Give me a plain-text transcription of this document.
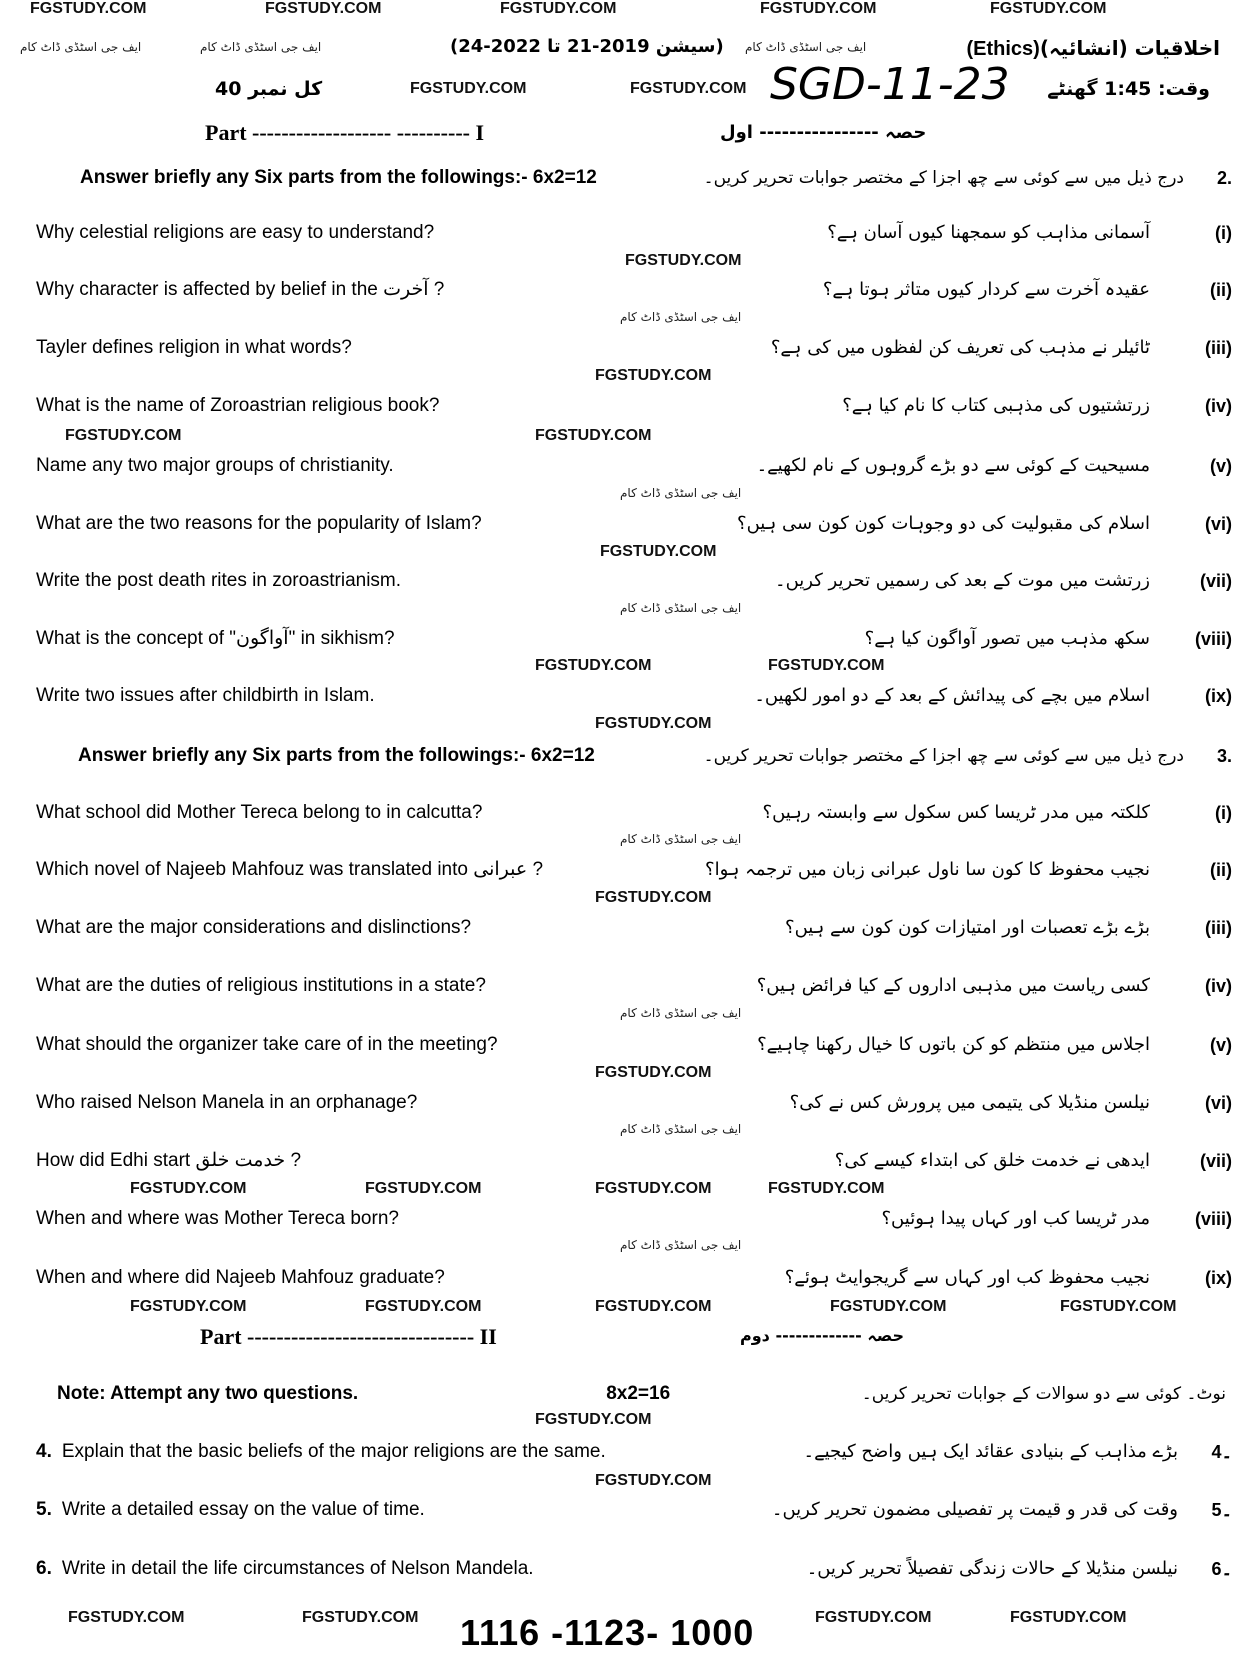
FGSTUDY.COM	FGSTUDY.COM	FGSTUDY.COM	FGSTUDY.COM	FGSTUDY.COM
اخلاقیات (انشائیہ)(Ethics)
(سیشن 2019-21 تا 2022-24)
ایف جی اسٹڈی ڈاٹ کام	ایف جی اسٹڈی ڈاٹ کام	ایف جی اسٹڈی ڈاٹ کام
کل نمبر 40	FGSTUDY.COM	FGSTUDY.COM SGD-11-23	وقت: 1:45 گھنٹے
Part ------------------- ---------- I	حصہ ---------------- اول
Answer briefly any Six parts from the followings:- 6x2=12	درج ذیل میں سے کوئی سے چھ اجزا کے مختصر جوابات تحریر کریں۔	2.
Why celestial religions are easy to understand?	آسمانی مذاہب کو سمجھنا کیوں آسان ہے؟	(i)
Why character is affected by belief in the آخرت ?	عقیدہ آخرت سے کردار کیوں متاثر ہوتا ہے؟	(ii)
Tayler defines religion in what words?	ٹائیلر نے مذہب کی تعریف کن لفظوں میں کی ہے؟	(iii)
What is the name of Zoroastrian religious book?	زرتشتیوں کی مذہبی کتاب کا نام کیا ہے؟	(iv)
Name any two major groups of christianity.	مسیحیت کے کوئی سے دو بڑے گروہوں کے نام لکھیے۔	(v)
What are the two reasons for the popularity of Islam?	اسلام کی مقبولیت کی دو وجوہات کون کون سی ہیں؟	(vi)
Write the post death rites in zoroastrianism.	زرتشت میں موت کے بعد کی رسمیں تحریر کریں۔	(vii)
What is the concept of "آواگون" in sikhism?	سکھ مذہب میں تصور آواگون کیا ہے؟	(viii)
Write two issues after childbirth in Islam.	اسلام میں بچے کی پیدائش کے بعد کے دو امور لکھیں۔	(ix)
FGSTUDY.COM
ایف جی اسٹڈی ڈاٹ کام
FGSTUDY.COM
FGSTUDY.COM	FGSTUDY.COM
ایف جی اسٹڈی ڈاٹ کام
FGSTUDY.COM
ایف جی اسٹڈی ڈاٹ کام
FGSTUDY.COM	FGSTUDY.COM
FGSTUDY.COM
Answer briefly any Six parts from the followings:- 6x2=12	درج ذیل میں سے کوئی سے چھ اجزا کے مختصر جوابات تحریر کریں۔	3.
What school did Mother Tereca belong to in calcutta?	کلکتہ میں مدر ٹریسا کس سکول سے وابستہ رہیں؟	(i)
Which novel of Najeeb Mahfouz was translated into عبرانی ?	نجیب محفوظ کا کون سا ناول عبرانی زبان میں ترجمہ ہوا؟	(ii)
What are the major considerations and dislinctions?	بڑے بڑے تعصبات اور امتیازات کون کون سے ہیں؟	(iii)
What are the duties of religious institutions in a state?	کسی ریاست میں مذہبی اداروں کے کیا فرائض ہیں؟	(iv)
What should the organizer take care of in the meeting?	اجلاس میں منتظم کو کن باتوں کا خیال رکھنا چاہیے؟	(v)
Who raised Nelson Manela in an orphanage?	نیلسن منڈیلا کی یتیمی میں پرورش کس نے کی؟	(vi)
How did Edhi start خدمت خلق ?	ایدھی نے خدمت خلق کی ابتداء کیسے کی؟	(vii)
When and where was Mother Tereca born?	مدر ٹریسا کب اور کہاں پیدا ہوئیں؟	(viii)
When and where did Najeeb Mahfouz graduate?	نجیب محفوظ کب اور کہاں سے گریجوایٹ ہوئے؟	(ix)
ایف جی اسٹڈی ڈاٹ کام
FGSTUDY.COM
ایف جی اسٹڈی ڈاٹ کام
FGSTUDY.COM
ایف جی اسٹڈی ڈاٹ کام
FGSTUDY.COM	FGSTUDY.COM	FGSTUDY.COM	FGSTUDY.COM
ایف جی اسٹڈی ڈاٹ کام
FGSTUDY.COM	FGSTUDY.COM	FGSTUDY.COM	FGSTUDY.COM	FGSTUDY.COM
Part ------------------------------- II	حصہ ------------- دوم
Note: Attempt any two questions.	8x2=16	نوٹ۔ کوئی سے دو سوالات کے جوابات تحریر کریں۔
FGSTUDY.COM
4. Explain that the basic beliefs of the major religions are the same.	بڑے مذاہب کے بنیادی عقائد ایک ہیں واضح کیجیے۔	4۔
5. Write a detailed essay on the value of time.	وقت کی قدر و قیمت پر تفصیلی مضمون تحریر کریں۔	5۔
6. Write in detail the life circumstances of Nelson Mandela.	نیلسن منڈیلا کے حالات زندگی تفصیلاً تحریر کریں۔	6۔
FGSTUDY.COM
FGSTUDY.COM	FGSTUDY.COM 1116 -1123- 1000	FGSTUDY.COM	FGSTUDY.COM
